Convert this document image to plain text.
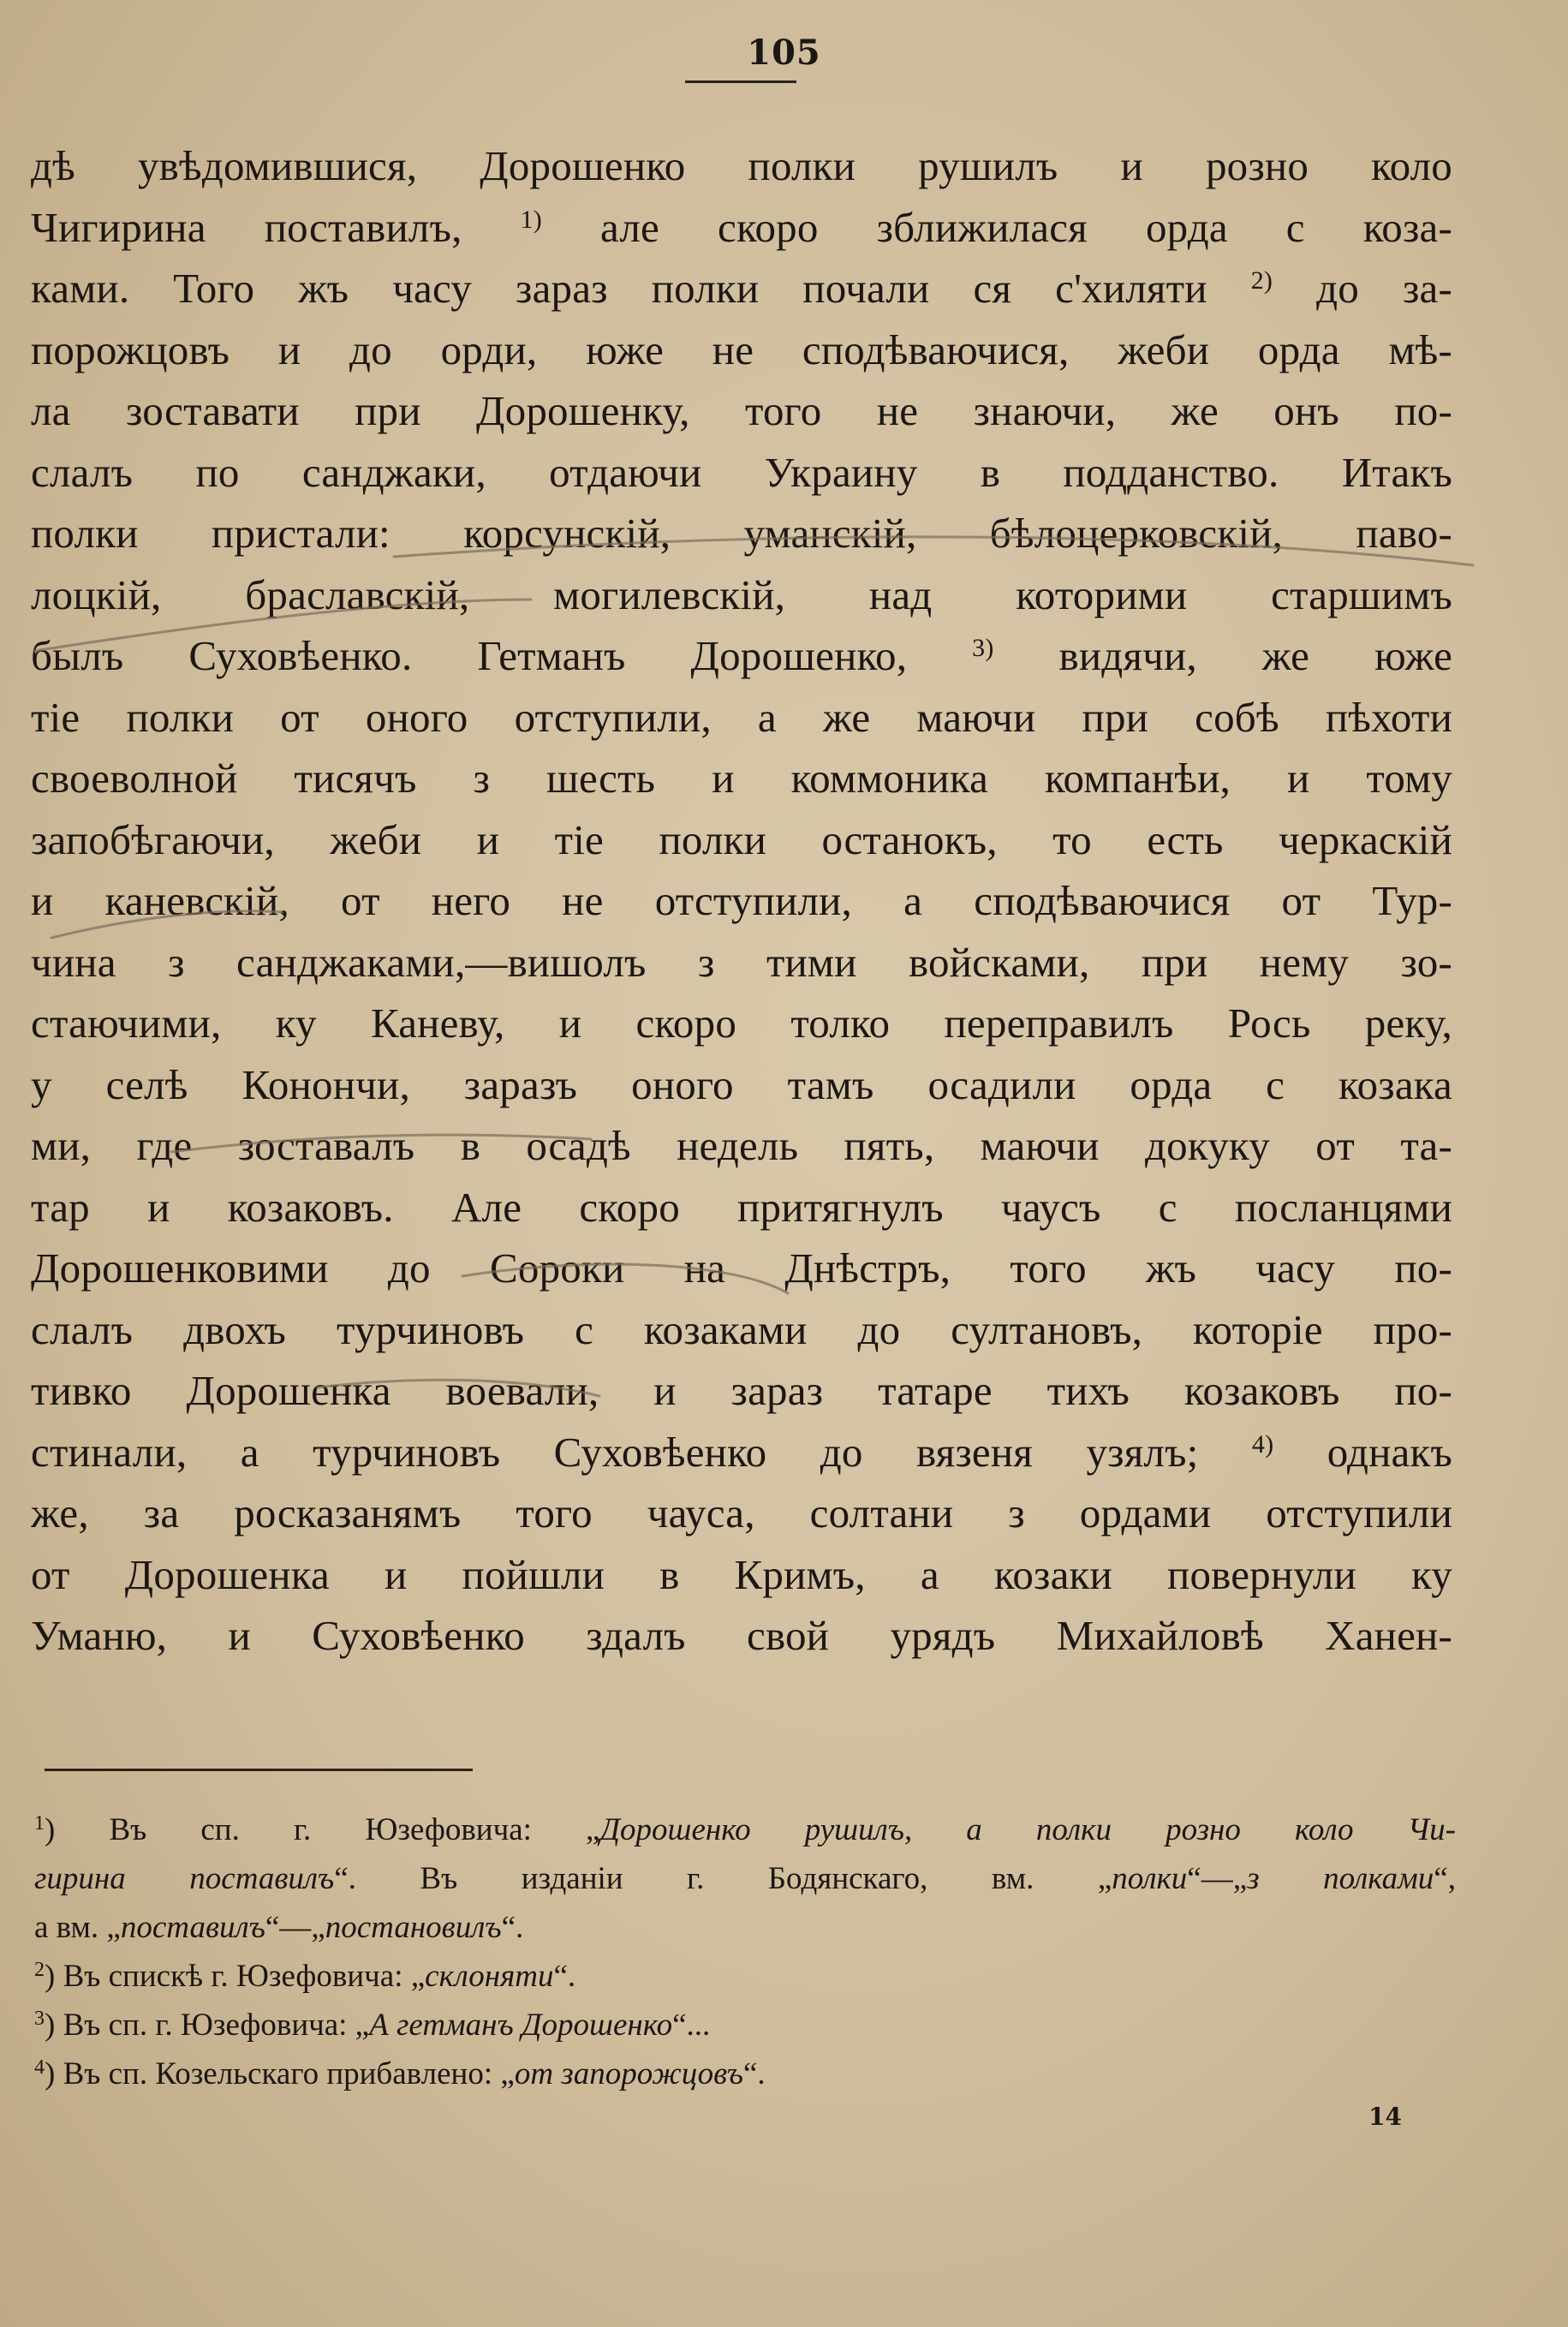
105
дѣ увѣдомившися, Дорошенко полки рушилъ и розно коло
Чигирина поставилъ, $^{1)}$ але скоро зближилася орда с коза-
ками. Того жъ часу зараз полки почали ся с'хиляти $^{2)}$ до за-
порожцовъ и до орди, юже не сподѣваючися, жеби орда мѣ-
ла зоставати при Дорошенку, того не знаючи, же онъ по-
слалъ по санджаки, отдаючи Украину в подданство. Итакъ
полки пристали: корсунскій, уманскій, бѣлоцерковскій, паво-
лоцкій, браславскій, могилевскій, над которими старшимъ
былъ Суховѣенко. Гетманъ Дорошенко,	$^{3)}$ видячи, же юже
тіе полки от оного отступили, а же маючи при собѣ пѣхоти
своеволной тисячъ з шесть и коммоника компанѣи, и тому
запобѣгаючи, жеби и тіе полки останокъ, то есть черкаскій
и каневскій, от него не отступили, а сподѣваючися от Тур-
чина з санджаками,—вишолъ з тими войсками, при нему зо-
стаючими, ку Каневу, и скоро толко переправилъ Рось реку,
у селѣ Конончи, заразъ оного тамъ осадили орда с козака
ми, где зоставалъ в осадѣ недель пять, маючи докуку от та-
тар и козаковъ. Але скоро притягнулъ чаусъ с посланцями
Дорошенковими до Сороки на Днѣстръ, того жъ часу по-
слалъ двохъ турчиновъ с козаками до султановъ, которіе про-
тивко Дорошенка воевали, и зараз татаре тихъ козаковъ по-
стинали, а турчиновъ Суховѣенко до вязеня узялъ; $^{4)}$ однакъ
же, за росказанямъ того чауса, солтани з ордами отступили
от Дорошенка и пойшли в Кримъ, а козаки повернули ку
Уманю, и Суховѣенко здалъ свой урядъ Михайловѣ Ханен-
$^1$) Въ сп. г. Юзефовича: „Дорошенко рушилъ, а полки розно коло Чи-
гирина поставилъ“. Въ изданіи г. Бодянскаго, вм. „полки“—„з полками“,
а вм. „поставилъ“—„постановилъ“.
$^2$) Въ спискѣ г. Юзефовича: „склоняти“.
$^3$) Въ сп. г. Юзефовича: „А гетманъ Дорошенко“...
$^4$) Въ сп. Козельскаго прибавлено: „от запорожцовъ“.
14
